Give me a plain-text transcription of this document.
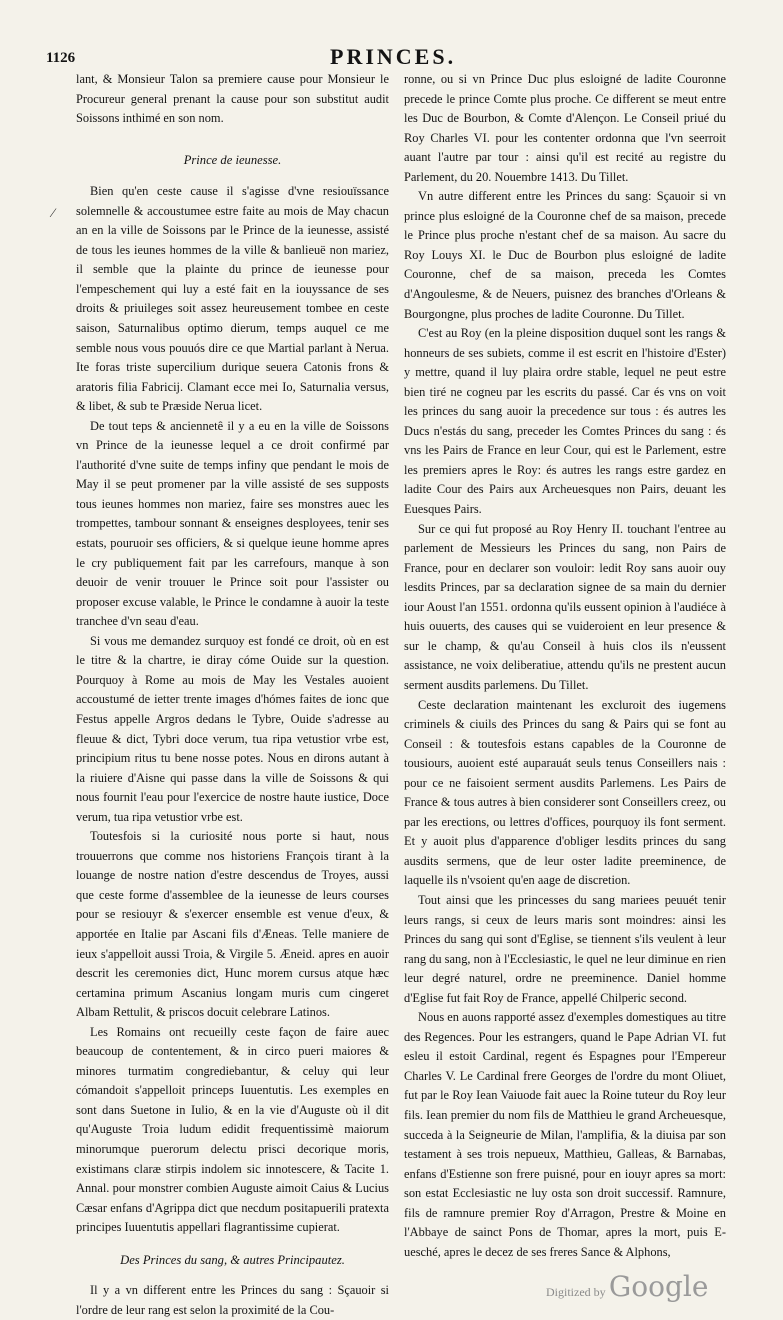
1126	PRINCES.
⁄

lant, & Monsieur Talon sa premiere cause pour Monsieur le Procureur general prenant la cause pour son substitut audit Soissons inthimé en son nom.

Prince de ieunesse.

Bien qu'en ceste cause il s'agisse d'vne resiouïssance solemnelle & accoustumee estre faite au mois de May chacun an en la ville de Soissons par le Prince de la ieunesse, assisté de tous les ieunes hommes de la ville & banlieuë non mariez, il semble que la plainte du prince de ieunesse pour l'empeschement qui luy a esté fait en la iouyssance de ses droits & priuileges soit assez heureusement tombee en ceste saison, Saturnalibus optimo dierum, temps auquel ce me semble nous vous pouuós dire ce que Martial parlant à Nerua. Ite foras triste supercilium durique seuera Catonis frons & aratoris filia Fabricij. Clamant ecce mei Io, Saturnalia versus, & libet, & sub te Præside Nerua licet.

De tout teps & anciennetê il y a eu en la ville de Soissons vn Prince de la ieunesse lequel a ce droit confirmé par l'authorité d'vne suite de temps infiny que pendant le mois de May il se peut promener par la ville assisté de ses supposts tous ieunes hommes non mariez, faire ses monstres auec les trompettes, tambour sonnant & enseignes desployees, tenir ses estats, pouruoir ses officiers, & si quelque ieune homme apres le cry publiquement fait par les carrefours, manque à son deuoir de venir trouuer le Prince soit pour l'assister ou proposer excuse valable, le Prince le condamne à auoir la teste tranchee d'vn seau d'eau.

Si vous me demandez surquoy est fondé ce droit, où en est le titre & la chartre, ie diray cóme Ouide sur la question. Pourquoy à Rome au mois de May les Vestales auoient accoustumé de ietter trente images d'hómes faites de ionc que Festus appelle Argros dedans le Tybre, Ouide s'adresse au fleuue & dict, Tybri doce verum, tua ripa vetustior vrbe est, principium ritus tu bene nosse potes. Nous en dirons autant à la riuiere d'Aisne qui passe dans la ville de Soissons & qui nous fournit l'eau pour l'exercice de nostre haute iustice, Doce verum, tua ripa vetustior vrbe est.

Toutesfois si la curiosité nous porte si haut, nous trouuerrons que comme nos historiens François tirant à la louange de nostre nation d'estre descendus de Troyes, aussi que ceste forme d'assemblee de la ieunesse de leurs courses pour se resiouyr & s'exercer ensemble est venue d'eux, & apportée en Italie par Ascani fils d'Æneas. Telle maniere de ieux s'appelloit aussi Troia, & Virgile 5. Æneid. apres en auoir descrit les ceremonies dict, Hunc morem cursus atque hæc certamina primum Ascanius longam muris cum cingeret Albam Rettulit, & priscos docuit celebrare Latinos.

Les Romains ont recueilly ceste façon de faire auec beaucoup de contentement, & in circo pueri maiores & minores turmatim congrediebantur, & celuy qui leur cómandoit s'appelloit princeps Iuuentutis. Les exemples en sont dans Suetone in Iulio, & en la vie d'Auguste où il dit qu'Auguste Troia ludum edidit frequentissimè maiorum minorumque puerorum delectu prisci decorique moris, existimans claræ stirpis indolem sic innotescere, & Tacite 1. Annal. pour monstrer combien Auguste aimoit Caius & Lucius Cæsar enfans d'Agrippa dict que necdum positapuerili pratexta principes Iuuentutis appellari flagrantissime cupierat.

Des Princes du sang, & autres Principautez.

Il y a vn different entre les Princes du sang : Sçauoir si l'ordre de leur rang est selon la proximité de la Cou-

ronne, ou si vn Prince Duc plus esloigné de ladite Couronne precede le prince Comte plus proche. Ce different se meut entre les Duc de Bourbon, & Comte d'Alençon. Le Conseil priué du Roy Charles VI. pour les contenter ordonna que l'vn seerroit auant l'autre par tour : ainsi qu'il est recité au registre du Parlement, du 20. Nouembre 1413. Du Tillet.

Vn autre different entre les Princes du sang: Sçauoir si vn prince plus esloigné de la Couronne chef de sa maison, precede le Prince plus proche n'estant chef de sa maison. Au sacre du Roy Louys XI. le Duc de Bourbon plus esloigné de ladite Couronne, chef de sa maison, preceda les Comtes d'Angoulesme, & de Neuers, puisnez des branches d'Orleans & Bourgongne, plus proches de ladite Couronne. Du Tillet.

C'est au Roy (en la pleine disposition duquel sont les rangs & honneurs de ses subiets, comme il est escrit en l'histoire d'Ester) y mettre, quand il luy plaira ordre stable, lequel ne peut estre bien tiré ne cogneu par les escrits du passé. Car és vns on voit les princes du sang auoir la precedence sur tous : és autres les Ducs n'estás du sang, preceder les Comtes Princes du sang : és vns les Pairs de France en leur Cour, qui est le Parlement, estre les premiers apres le Roy: és autres les rangs estre gardez en ladite Cour des Pairs aux Archeuesques non Pairs, deuant les Euesques Pairs.

Sur ce qui fut proposé au Roy Henry II. touchant l'entree au parlement de Messieurs les Princes du sang, non Pairs de France, pour en declarer son vouloir: ledit Roy sans auoir ouy lesdits Princes, par sa declaration signee de sa main du dernier iour Aoust l'an 1551. ordonna qu'ils eussent opinion à l'audiéce à huis ouuerts, des causes qui se vuideroient en leur presence & sur le champ, & qu'au Conseil à huis clos ils n'eussent assistance, ne voix deliberatiue, attendu qu'ils ne prestent aucun serment ausdits parlemens. Du Tillet.

Ceste declaration maintenant les excluroit des iugemens criminels & ciuils des Princes du sang & Pairs qui se font au Conseil : & toutesfois estans capables de la Couronne de tousiours, auoient esté auparauát seuls tenus Conseillers nais : pour ce ne faisoient serment ausdits Parlemens. Les Pairs de France & tous autres à bien considerer sont Conseillers creez, ou par les erections, ou lettres d'offices, pourquoy ils font serment. Et y auoit plus d'apparence d'obliger lesdits princes du sang ausdits sermens, que de leur oster ladite preeminence, de laquelle ils n'vsoient qu'en aage de discretion.

Tout ainsi que les princesses du sang mariees peuuét tenir leurs rangs, si ceux de leurs maris sont moindres: ainsi les Princes du sang qui sont d'Eglise, se tiennent s'ils veulent à leur rang du sang, non à l'Ecclesiastic, le quel ne leur diminue en rien leur degré naturel, ordre ne preeminence. Daniel homme d'Eglise fut fait Roy de France, appellé Chilperic second.

Nous en auons rapporté assez d'exemples domestiques au titre des Regences. Pour les estrangers, quand le Pape Adrian VI. fut esleu il estoit Cardinal, regent és Espagnes pour l'Empereur Charles V. Le Cardinal frere Georges de l'ordre du mont Oliuet, fut par le Roy Iean Vaiuode fait auec la Roine tuteur du Roy leur fils. Iean premier du nom fils de Matthieu le grand Archeuesque, succeda à la Seigneurie de Milan, l'amplifia, & la diuisa par son testament à ses trois nepueux, Matthieu, Galleas, & Barnabas, enfans d'Estienne son frere puisné, pour en iouyr apres sa mort: son estat Ecclesiastic ne luy osta son droit successif. Ramnure, fils de ramnure premier Roy d'Arragon, Prestre & Moine en l'Abbaye de sainct Pons de Thomar, apres la mort, puis E-uesché, apres le decez de ses freres Sance & Alphons,

Digitized by Google
